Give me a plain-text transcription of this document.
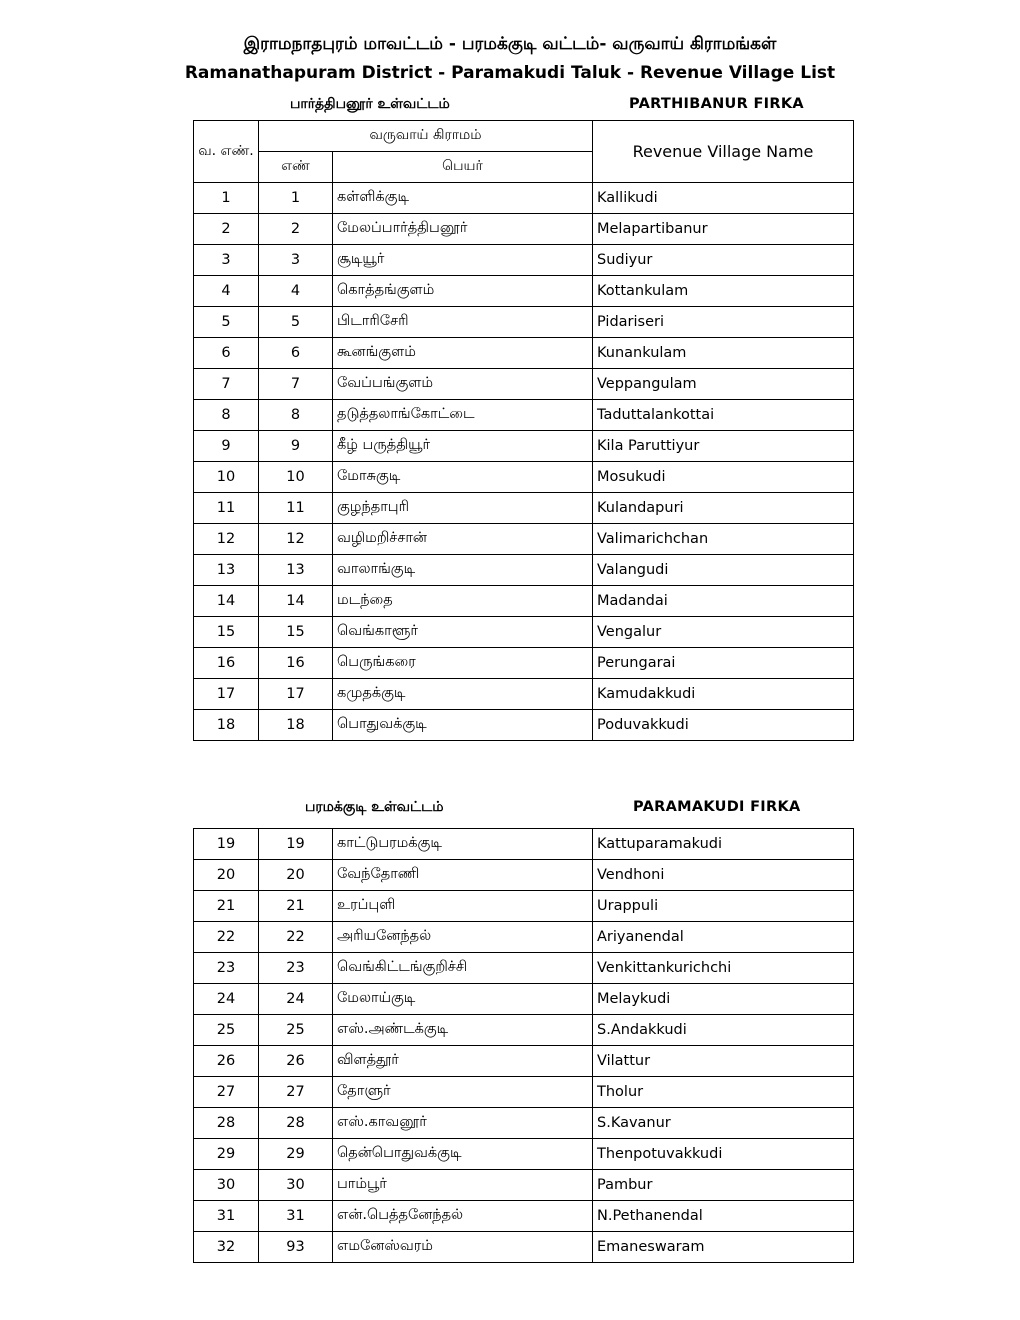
இராமநாதபுரம் மாவட்டம் - பரமக்குடி வட்டம்- வருவாய் கிராமங்கள்
Ramanathapuram District - Paramakudi Taluk - Revenue Village List
பார்த்திபனூர் உள்வட்டம்	PARTHIBANUR FIRKA
வ. எண்.	வருவாய் கிராமம்		Revenue Village Name
	எண்	பெயர்	
1	1	கள்ளிக்குடி	Kallikudi
2	2	மேலப்பார்த்திபனூர்	Melapartibanur
3	3	சூடியூர்	Sudiyur
4	4	கொத்தங்குளம்	Kottankulam
5	5	பிடாரிசேரி	Pidariseri
6	6	கூனங்குளம்	Kunankulam
7	7	வேப்பங்குளம்	Veppangulam
8	8	தடுத்தலாங்கோட்டை	Taduttalankottai
9	9	கீழ் பருத்தியூர்	Kila Paruttiyur
10	10	மோசுகுடி	Mosukudi
11	11	குழந்தாபுரி	Kulandapuri
12	12	வழிமறிச்சான்	Valimarichchan
13	13	வாலாங்குடி	Valangudi
14	14	மடந்தை	Madandai
15	15	வெங்காளூர்	Vengalur
16	16	பெருங்கரை	Perungarai
17	17	கமுதக்குடி	Kamudakkudi
18	18	பொதுவக்குடி	Poduvakkudi
பரமக்குடி உள்வட்டம்	PARAMAKUDI FIRKA
19	19	காட்டுபரமக்குடி	Kattuparamakudi
20	20	வேந்தோணி	Vendhoni
21	21	உரப்புளி	Urappuli
22	22	அரியனேந்தல்	Ariyanendal
23	23	வெங்கிட்டங்குறிச்சி	Venkittankurichchi
24	24	மேலாய்குடி	Melaykudi
25	25	எஸ்.அண்டக்குடி	S.Andakkudi
26	26	விளத்தூர்	Vilattur
27	27	தோளுர்	Tholur
28	28	எஸ்.காவனூர்	S.Kavanur
29	29	தென்பொதுவக்குடி	Thenpotuvakkudi
30	30	பாம்பூர்	Pambur
31	31	என்.பெத்தனேந்தல்	N.Pethanendal
32	93	எமனேஸ்வரம்	Emaneswaram
